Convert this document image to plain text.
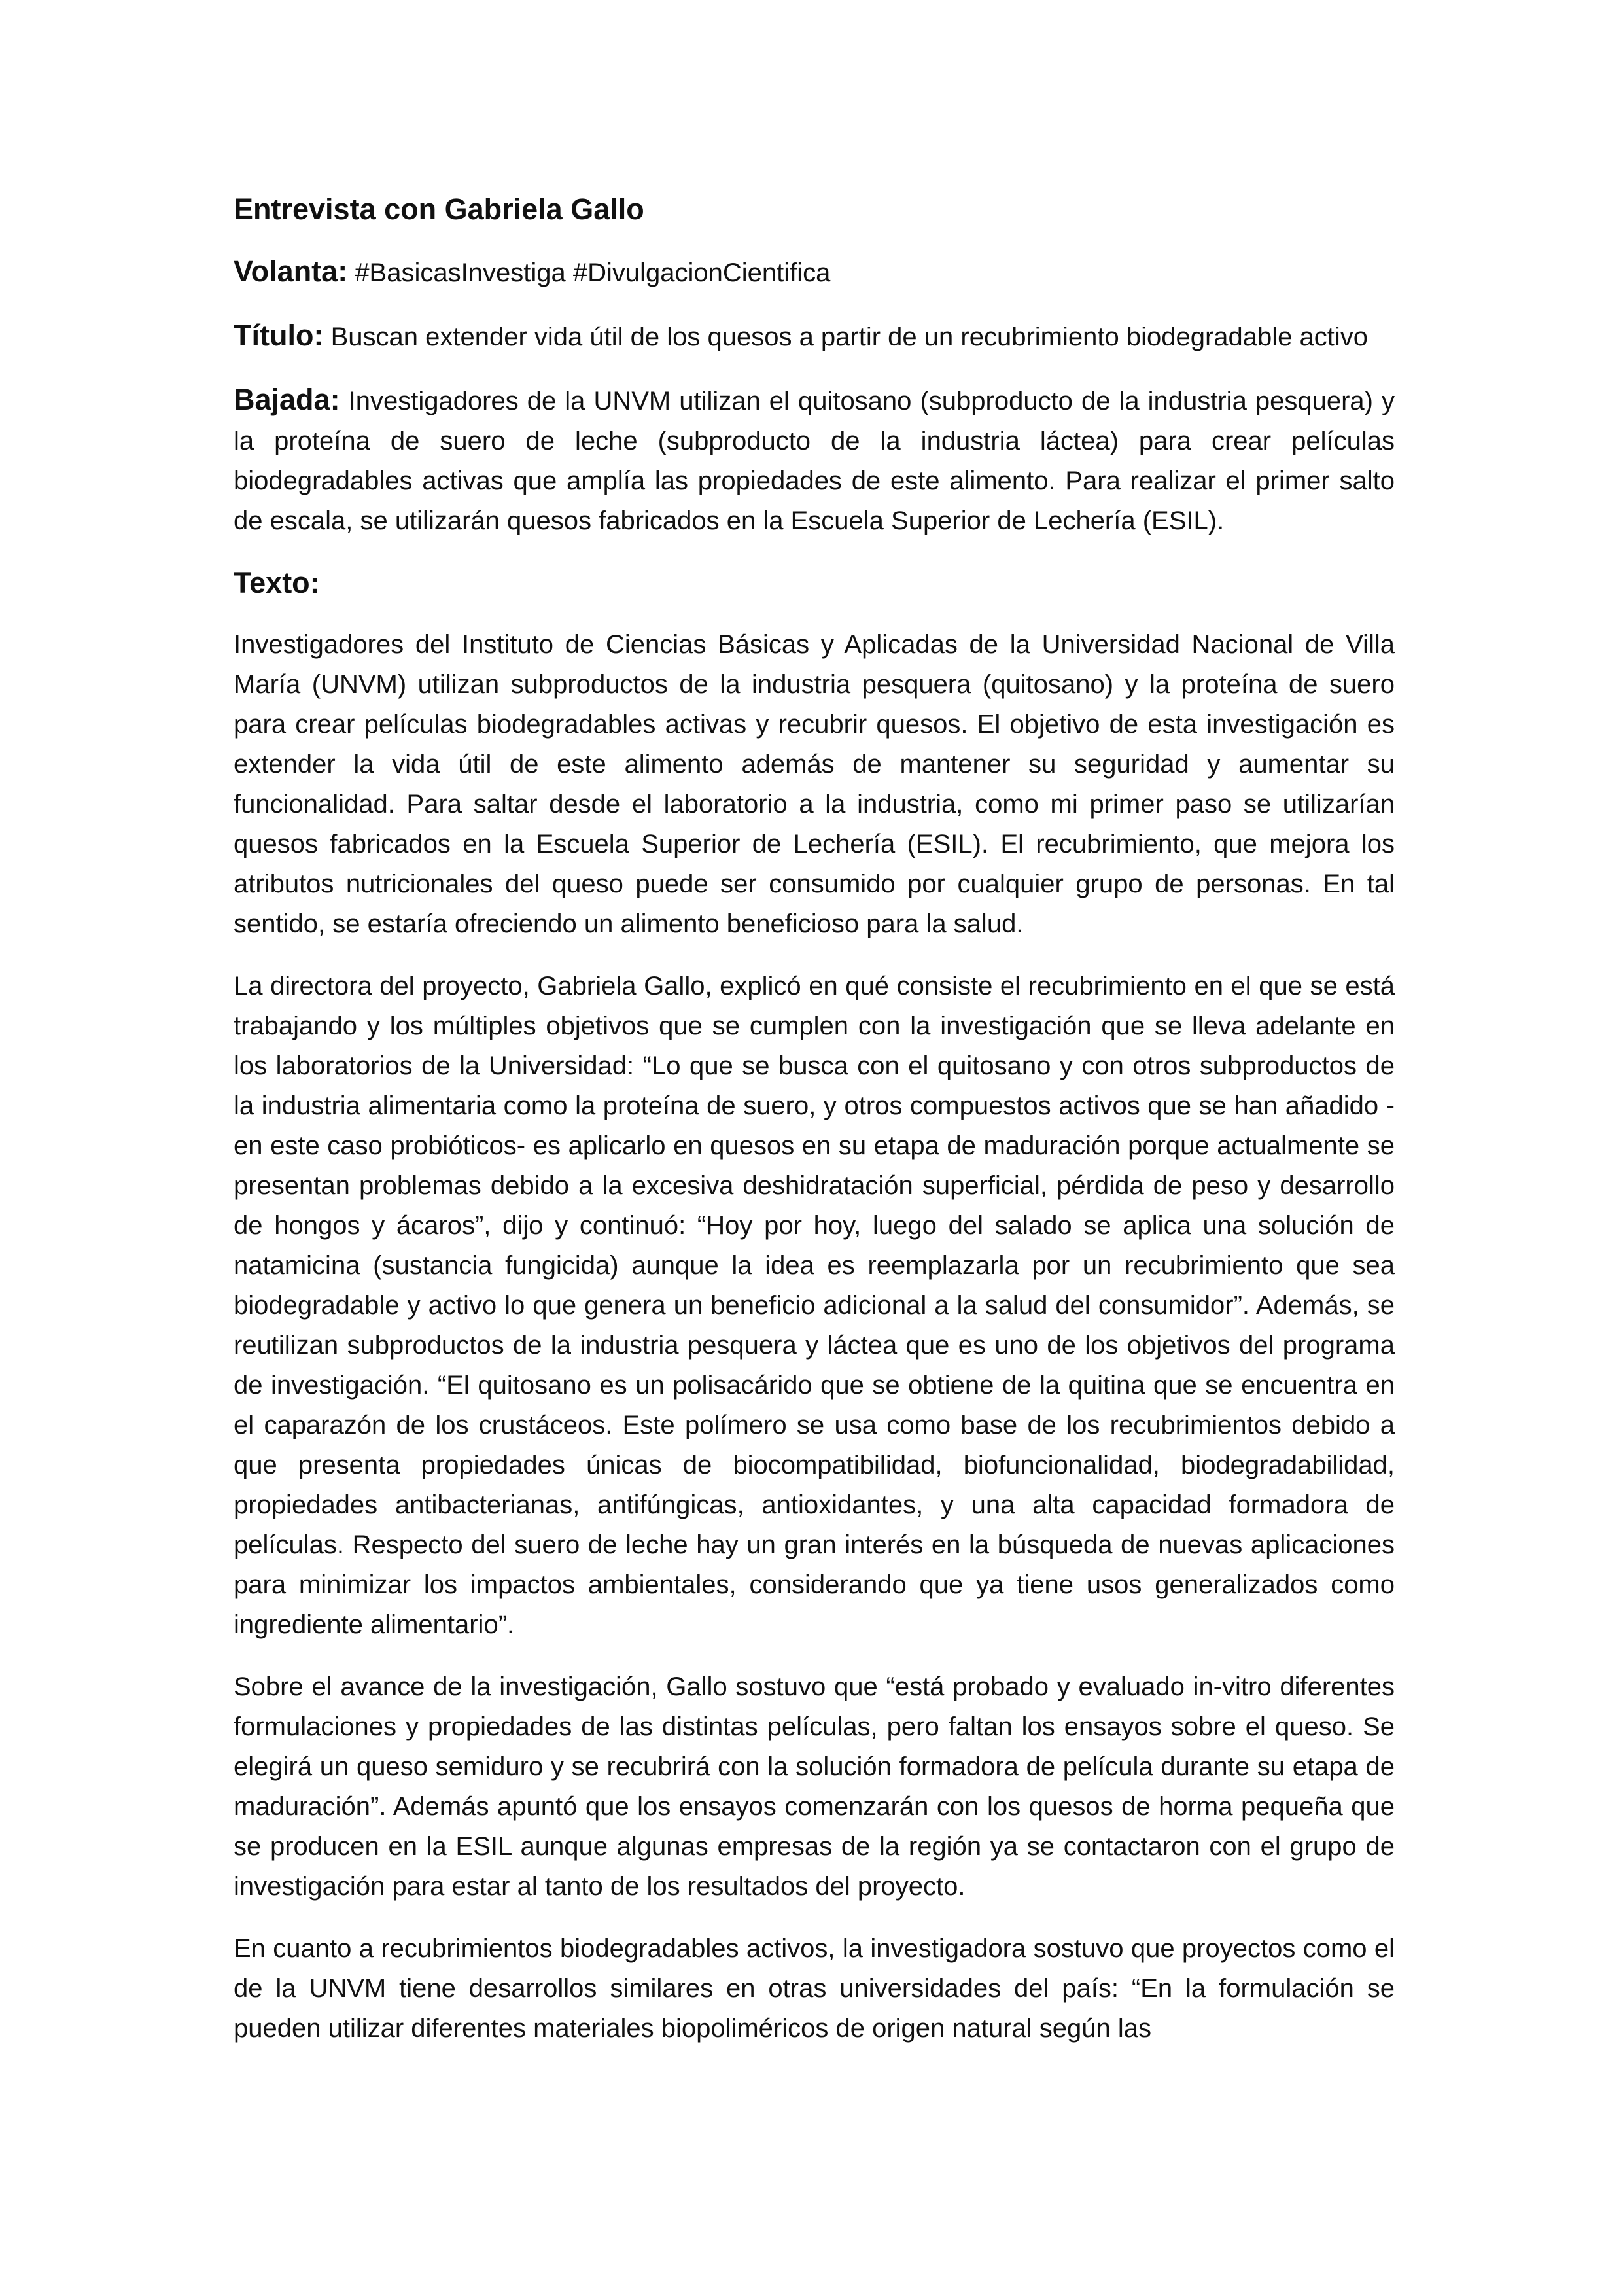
Entrevista con Gabriela Gallo
Volanta: #BasicasInvestiga #DivulgacionCientifica
Título: Buscan extender vida útil de los quesos a partir de un recubrimiento biodegradable activo
Bajada: Investigadores de la UNVM utilizan el quitosano (subproducto de la industria pesquera) y la proteína de suero de leche (subproducto de la industria láctea) para crear películas biodegradables activas que amplía las propiedades de este alimento. Para realizar el primer salto de escala, se utilizarán quesos fabricados en la Escuela Superior de Lechería (ESIL).
Texto:

Investigadores del Instituto de Ciencias Básicas y Aplicadas de la Universidad Nacional de Villa María (UNVM) utilizan subproductos de la industria pesquera (quitosano) y la proteína de suero para crear películas biodegradables activas y recubrir quesos. El objetivo de esta investigación es extender la vida útil de este alimento además de mantener su seguridad y aumentar su funcionalidad. Para saltar desde el laboratorio a la industria, como mi primer paso se utilizarían quesos fabricados en la Escuela Superior de Lechería (ESIL). El recubrimiento, que mejora los atributos nutricionales del queso puede ser consumido por cualquier grupo de personas. En tal sentido, se estaría ofreciendo un alimento beneficioso para la salud.

La directora del proyecto, Gabriela Gallo, explicó en qué consiste el recubrimiento en el que se está trabajando y los múltiples objetivos que se cumplen con la investigación que se lleva adelante en los laboratorios de la Universidad: “Lo que se busca con el quitosano y con otros subproductos de la industria alimentaria como la proteína de suero, y otros compuestos activos que se han añadido -en este caso probióticos- es aplicarlo en quesos en su etapa de maduración porque actualmente se presentan problemas debido a la excesiva deshidratación superficial, pérdida de peso y desarrollo de hongos y ácaros”, dijo y continuó: “Hoy por hoy, luego del salado se aplica una solución de natamicina (sustancia fungicida) aunque la idea es reemplazarla por un recubrimiento que sea biodegradable y activo lo que genera un beneficio adicional a la salud del consumidor”. Además, se reutilizan subproductos de la industria pesquera y láctea que es uno de los objetivos del programa de investigación. “El quitosano es un polisacárido que se obtiene de la quitina que se encuentra en el caparazón de los crustáceos. Este polímero se usa como base de los recubrimientos debido a que presenta propiedades únicas de biocompatibilidad, biofuncionalidad, biodegradabilidad, propiedades antibacterianas, antifúngicas, antioxidantes, y una alta capacidad formadora de películas. Respecto del suero de leche hay un gran interés en la búsqueda de nuevas aplicaciones para minimizar los impactos ambientales, considerando que ya tiene usos generalizados como ingrediente alimentario”.

Sobre el avance de la investigación, Gallo sostuvo que “está probado y evaluado in-vitro diferentes formulaciones y propiedades de las distintas películas, pero faltan los ensayos sobre el queso. Se elegirá un queso semiduro y se recubrirá con la solución formadora de película durante su etapa de maduración”. Además apuntó que los ensayos comenzarán con los quesos de horma pequeña que se producen en la ESIL aunque algunas empresas de la región ya se contactaron con el grupo de investigación para estar al tanto de los resultados del proyecto.

En cuanto a recubrimientos biodegradables activos, la investigadora sostuvo que proyectos como el de la UNVM tiene desarrollos similares en otras universidades del país: “En la formulación se pueden utilizar diferentes materiales biopoliméricos de origen natural según las
